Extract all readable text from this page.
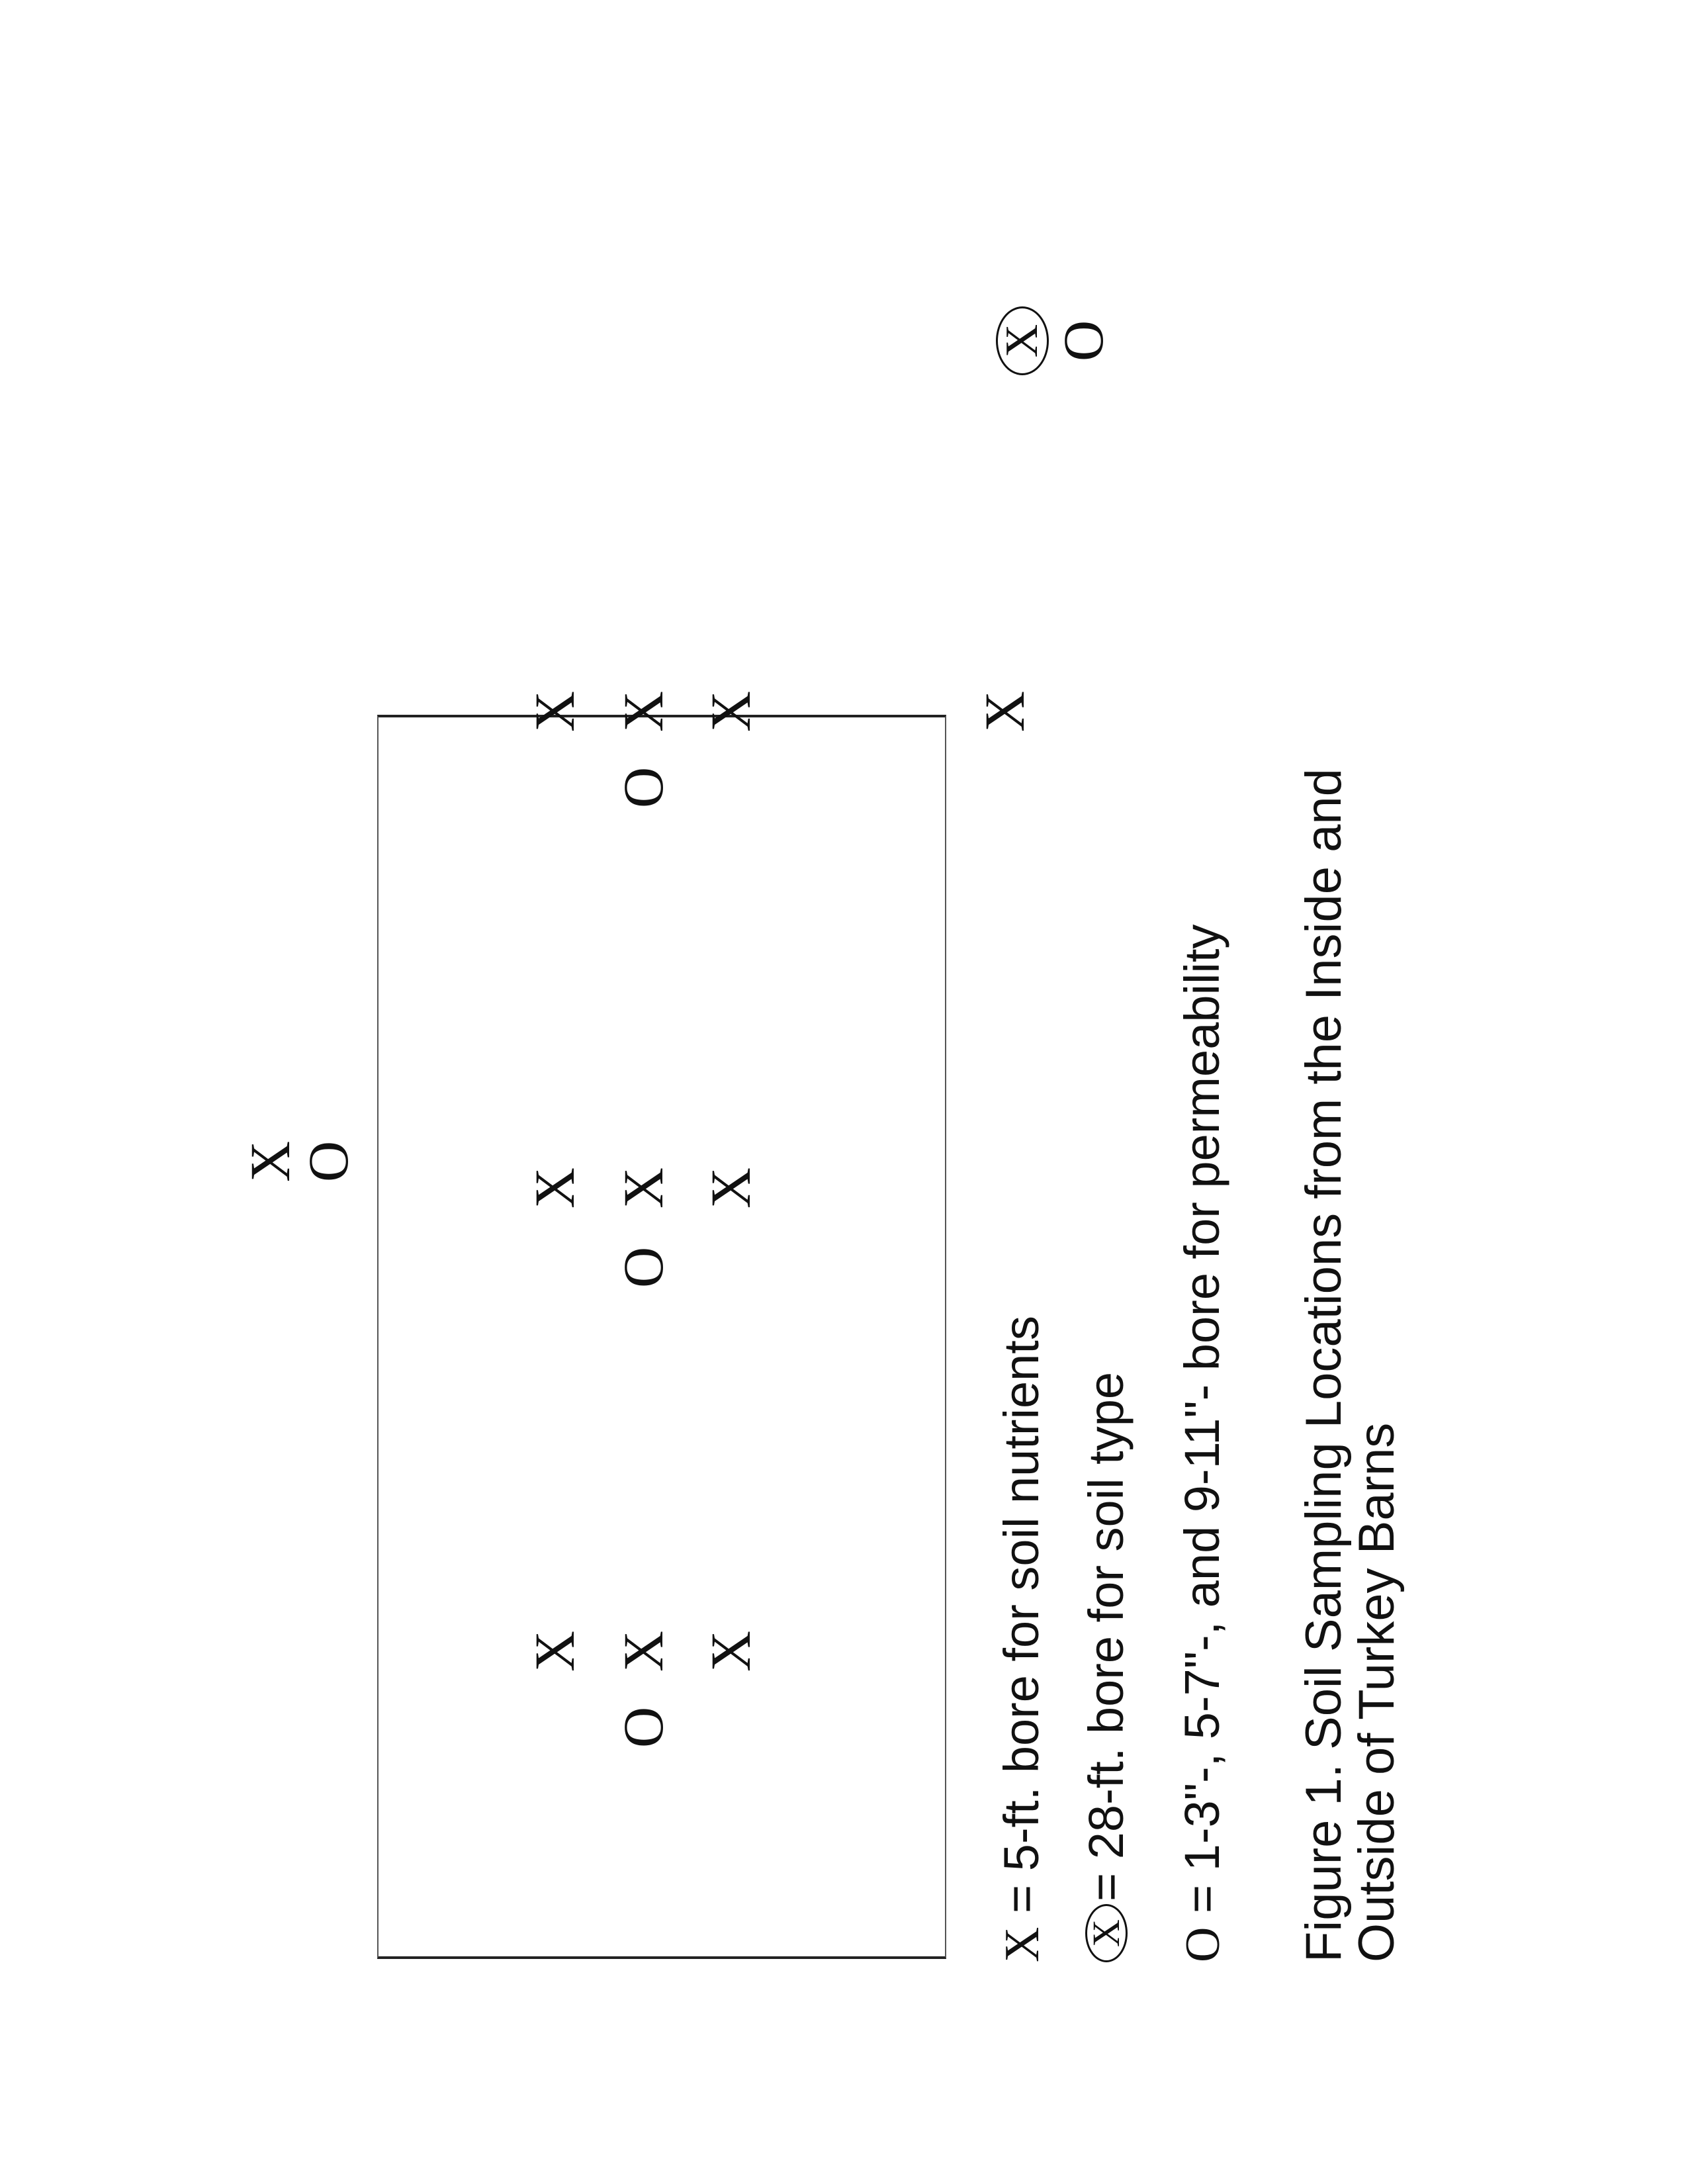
X
O
X X X
O
X X X
O
X X X
O
X
X O
X = 5-ft. bore for soil nutrients
X
= 28-ft. bore for soil type
O = 1-3"-, 5-7"-, and 9-11"- bore for permeability Figure 1. Soil Sampling Locations from the Inside and
Outside of Turkey Barns
